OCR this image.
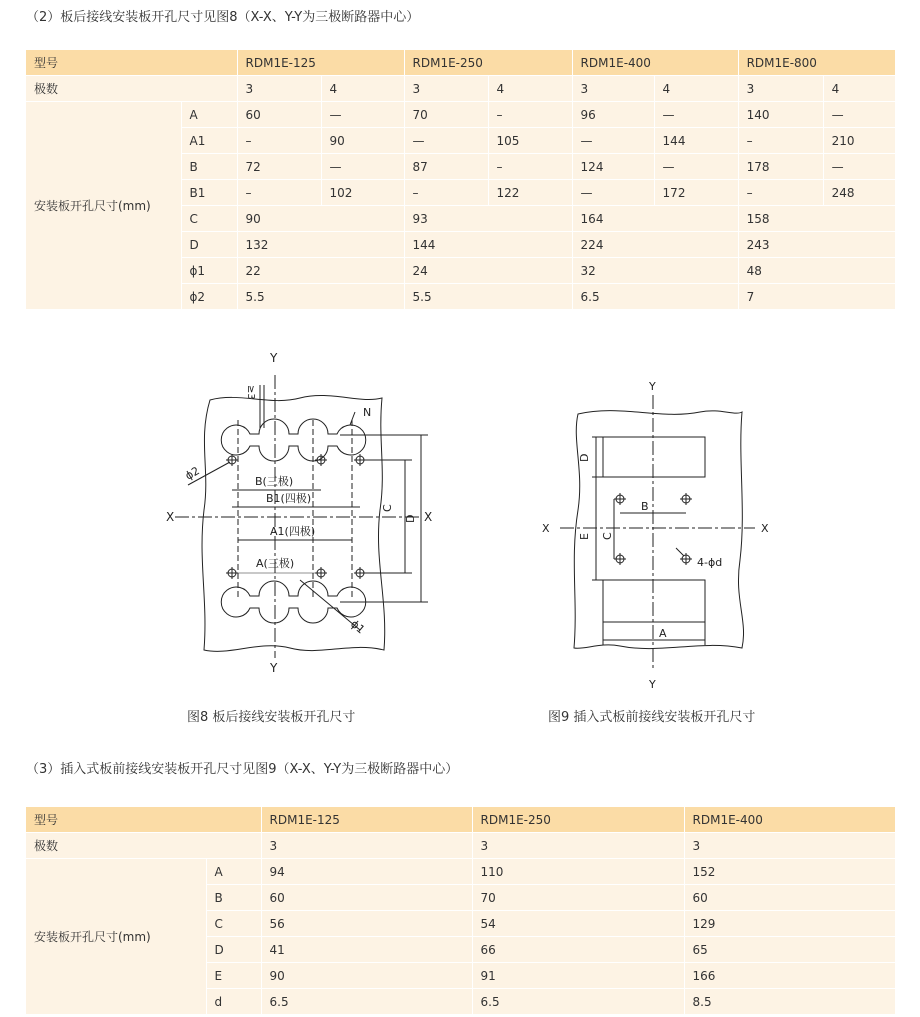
（2）板后接线安装板开孔尺寸见图8（X-X、Y-Y为三极断路器中心）
型号		RDM1E-125		RDM1E-250		RDM1E-400		RDM1E-800	
极数		3	4	3	4	3	4	3	4
安装板开孔尺寸(mm)	A	60	—	70	–	96	—	140	—
	A1	–	90	—	105	—	144	–	210
	B	72	—	87	–	124	—	178	—
	B1	–	102	–	122	—	172	–	248
	C	90		93		164		158	
	D	132		144		224		243	
	ϕ1	22		24		32		48	
	ϕ2	5.5		5.5		6.5		7	
Y
Y
X	X
N
≥3
ϕ2
ϕ1
B(三极)
B1(四极)
A1(四极)
A(三极)
C
D
Y
Y
X	X
D
E C
B
A
4-ϕd
图8 板后接线安装板开孔尺寸	图9 插入式板前接线安装板开孔尺寸
（3）插入式板前接线安装板开孔尺寸见图9（X-X、Y-Y为三极断路器中心）
型号		RDM1E-125	RDM1E-250	RDM1E-400
极数		3	3	3
安装板开孔尺寸(mm)	A	94	110	152
	B	60	70	60
	C	56	54	129
	D	41	66	65
	E	90	91	166
	d	6.5	6.5	8.5
